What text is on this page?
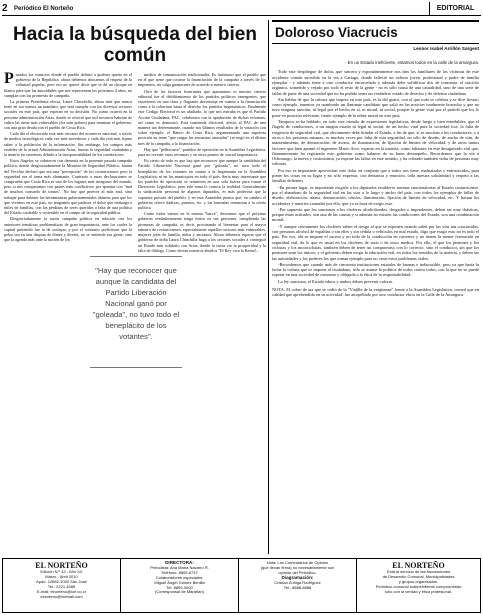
2	Periódico El Norteño	EDITORIAL
Hacia la búsqueda del bien común

Pasados los comicios donde el pueblo definió a quiénes quería en el gobierno de la República, ahora debemos abocarnos al respeto de la voluntad popular, pero eso no quiere decir que se dé un choque en blanco para que las autoridades que nos representan los próximos 4 años, no cumplan con las promesas de campaña.

La primera Presidenta electa, Laura Chinchilla, ahora más que nunca tiene en sus manos un mandato, que será cumplir con los diversos sectores sociales en este país, que esperan en su decisión. No como ocurrió en la presente administración Arias, donde se ofreció que mil nosotros habrían de cubrir las áreas más vulnerables (los más pobres) para terminar el gobierno, con una gran deuda con el pueblo de Costa Rica.

Cada día el electorado está más cercano del acontecer nacional, a través de medios tecnológicos cada vez más novedosos y cada día está más lejano saber a la población de la información. Sin embargo, los campos más estables de la actual Administración Arias, fueron la seguridad ciudadana y la muerte en carreteras debido a la irresponsabilidad de los conductores.

Estos flagelos se cubrieron con demasía en la presente pasada campaña política, donde desgraciadamente la Ministra de Seguridad Pública, Janina del Vecchio declaró que era una "percepción" de los costarricenses pero la seguridad era el tema más alarmante. Contrario a estas declaraciones se comprueba que Costa Rica es uno de los lugares más inseguros del mundo, pero si nos comparamos con países más conflictivos por apuntar con "mal de muchos consuelo de tontos". No hay que perecer al más mal, sino trabajar para detener las herramientas gubernamentales idóneas para que los que vivimos en este país, no tengamos que padecer el dolor que embarga a miles de familias, con las pérdidas de seres queridos a falta de una política del Estado confiable y sostenible en el campo de la seguridad pública.

Desgraciadamente la razón campaña política en relación con los anteriores temáticas problemáticas de gran importancia, ante los cuales la capital pretendió fue la de soslayar, y por el contrario prefirieron que la pelea sea en una disputa de dimes y diretes, no se entiende esa gente, sino que la agenda más ante la nación de los

medios de comunicación tradicionales. Es lastimoso que el pueblo que en el que tiene que costear la financiación de la campaña a través de los impuestos, no salga guanacaste de acuerdo a nuestro criterio.

Otro de los factores frustrantes que apuntamos es nuestro criterio editorial fue el debilitamiento de los partidos políticos emergentes, que estuvieron en una clara y flagrante desventaja en cuanto a la financiación como a la cobertura hasta el derecho los partidos hegemónicos. Realmente este Código Electoral es un abultado, lo que nos extraña es que el Partido Acción Ciudadana, PAC, colaborara con la aprobación de dichas reformas, así como es demostró. Esta contienda electoral, afectó al PAC de una manera tan determinante, cuando sus últimos resultados de la votación con sobre ejemplo: el Banco de Costa Rica, argumentando una supuesta posición en tener "que cargar las encuestas atrasadas" (se negó en el último mes de la campaña, a la financiación.

Hay que "pellizcarse", partidos de oposición en la Asamblea Legislativa, para no revertir estas reformas y en otros puntos de crucial importancia.

En cierto de todo es que hay que reconocer que aunque la candidata del Partido Liberación Nacional ganó por "goleada", no tuvo todo el beneplácito de los votantes en cuanto a la hegemonía en la Asamblea Legislativa, ni en los municipios en todo el país. Sería muy interesante que los partidos de oposición se reuniesen en una sola fuerza para tomar el Directorio Legislativo, pero este tema lo conoce la realidad. Generalmente la sindicación personal de algunos diputados, es más poderosa que la supuesta presión del pueblo, y en esta Asamblea pienso que, en cambio el gobierno ofrece dádivas, puestos, etc. y las bancadas renuncian a la oferta política.

Como todos vamos en la misma "barca", deseamos que el próximo gobierno verdaderamente tenga éxitos en sus gestiones, cumpliendo las promesas de campaña, es decir, procurando el bienestar para el mayor número de costarricenses, especialmente aquellos sectores más vulnerables, mujeres jefas de familia, niños y ancianos. Ahora debemos esperar que el gobierno de doña Laura Chinchilla haga a los sectores sociales a conseguir un Estado más solidario con Arias, donde la tierra vio la prosperidad y la falta de diálogo. Como decían nuestros abuelos "El Rey viva la Reina!...

"Hay que reconocer que aunque la candidata del Partido Liberación Nacional ganó por "goleada", no tuvo todo el beneplácito de los votantes".
Doloroso Viacrucis
Leonor Isabel Arrillón Sargent
- En un Estado ineficiente, estamos todos en la calle de la amargura.

Todo este despliegue de dolor, que sincera y espontáneamente nos dan los familiares de las víctimas de este accidente común sucedido en la vía a Cartago, donde falleció un valioso joven, profesional y padre de familia ejemplar - y además tiene a otro conductor encarcelado y además debe solidificar dos de tormenta, el suicidio orgánico, sometido y vejado por todo el resto de la gente - no es sólo causa de una casualidad, sino de una serie de fallas de parte de una sociedad que no ha podido tener un verdadero estado de derecho y de defensa ciudadana.

Sin hablar de que la cultura que impera en este país, es la del guaro, con el que todo se celebra y se dice fiestas; como ejemplo, tenemos ya nombrado un flamante candidato que salió en las noticias totalmente borracho y que no tuvo ninguna sanción, ni legal por el hecho en sí, ni moral, ni social, porque la gente votó por el partido que los lo pone en posición relevante, frente ejemplo de la niñez moral en este país.

Tampoco se ha hablado, en todo este cúmulo de expresiones legislativas, desde luego y bien enseñables, que el flagelo de conductores, a un ningún estado ni legal ni social, de un hecho vital para la sociedad tica: la falta de exigencia de seguridad vial, que obviamente debe brindar el Estado, a fin de que, si se suscitan a los conductores, o a otros o los personas mismas, es muchas veces por falta de esta seguridad, no sólo de diseño, de ancho de vías, de mantenimiento, de demarcación, de avisos, de iluminación, de fijación de límites de velocidad, y de otros tantos factores que bien apuntó el ingeniero Mario Arce, experto en la materia, como faltantes en este desaguisado vial que, flamantemente ha registrado este gobierno como balance de su buen desempeño. Recordemos que la vía a Ochomogo, la nueva y costosísima, ya expone las fallas en este sentido, y ha cobrado también vidas de personas muy valiosas.

Por eso es importante aprovechar este dolor en conjunto que a todos nos tiene, maltratados y entristecidos, para poner los cosas en su lugar y no sólo expresar, con denuncia y emoción, toda nuestra solidaridad y respeto a las familias dolientes.

-En primer lugar, es importante exigirle a los diputados establecer normas sancionatorias al Estado costarricense, por el abandono de la seguridad vial en las vías a lo largo y ancho del país, con todos los ejemplos de fallas de diseño, elaboración, atraso, demarcación, rótulos, iluminación, fijación de límites de velocidad, etc. Y bastan los accidentes y muertes causadas por ello, que ya es hora de exigir esto.

-Por supuesto que los sanciones a los choferes alcoholizados, drogados o imprudentes, deben ser muy drásticas, porque estas actitudes, son una de las causas y si además no existen las condiciones del Estado, son una combinación mortal.

-Y aunque ciertamente los choferes saben el riesgo al que se exponen cuando salen por las vías tan concurridas, con personas alcohol de espaldas o sin elles y sin cédula o vehículos en mal estado, digo que exigir esto no es todo el país. Por eso, ahí se impone el suceso y no todo de la conducción en carretera y no tienen la menor formación en seguridad vial, de lo que es usual en los choferes de taxis o de otros medios. Por ello, el que los peatones y los ciclistas y los motociclistas, también deben de tener un compromiso con lo correcto, sino el conductor, sin que los peatones sean los únicos; y el gobierno deben exigir la educación vial, en todos los sentidos de la materia, y deben ser las autoridades y los poderes los que toman ejemplo para no crear estos problemas viales.

-Recordemos que cuando más de cincuenta instituciones estatales de buenas e indiscutible, pero ya que hasta la fecha la cultura que se impone al ciudadano, sólo se asume la política de todos contra todos, con la que no se puede esperar en una sociedad de consumo y obligada a la ética de la responsabilidad.

La ley sanciona, el Estado educa y ambos deben prevenir valores.

NOTA: El cobro de tax que se cedió de la "Viajilla de la vergüenza" frente a la Asamblea Legislativa, cometí que en calidad que aprehendido en su actividad, fue atropellado por otro conductor ebrio en la Calle de la Amargura.

EL NORTEÑO
Edición N.º 42 - Año XX
Marzo - Abril 2010
Apdo. 12682-1000 San José
Tel.: 2221-4085
E-mail: elnorteno@ice.co.cr
elnorteno@hotmail.com
DIRECTORA:
Periodista: Ana María Navarro R.
Teléfono: 8809-6737
Colaboradores especiales:
Miguel Ángel Gómez Benilla
Tel. 8809-0000
(Corresponsal de Marañan)
Nota: Los Comentarios de Opinión
(que llevan firma) no necesariamente son
opinión del Periódico.
Diagramación:
Cristian Zúñiga Rodríguez
Tel.: 8888-8888
EL NORTEÑO
Está al servicio de las Asociaciones
de Desarrollo Comunal, Municipalidades
y grupos organizados.
Periódico comunal independiente comprometido
sólo con la verdad y ética profesional.
